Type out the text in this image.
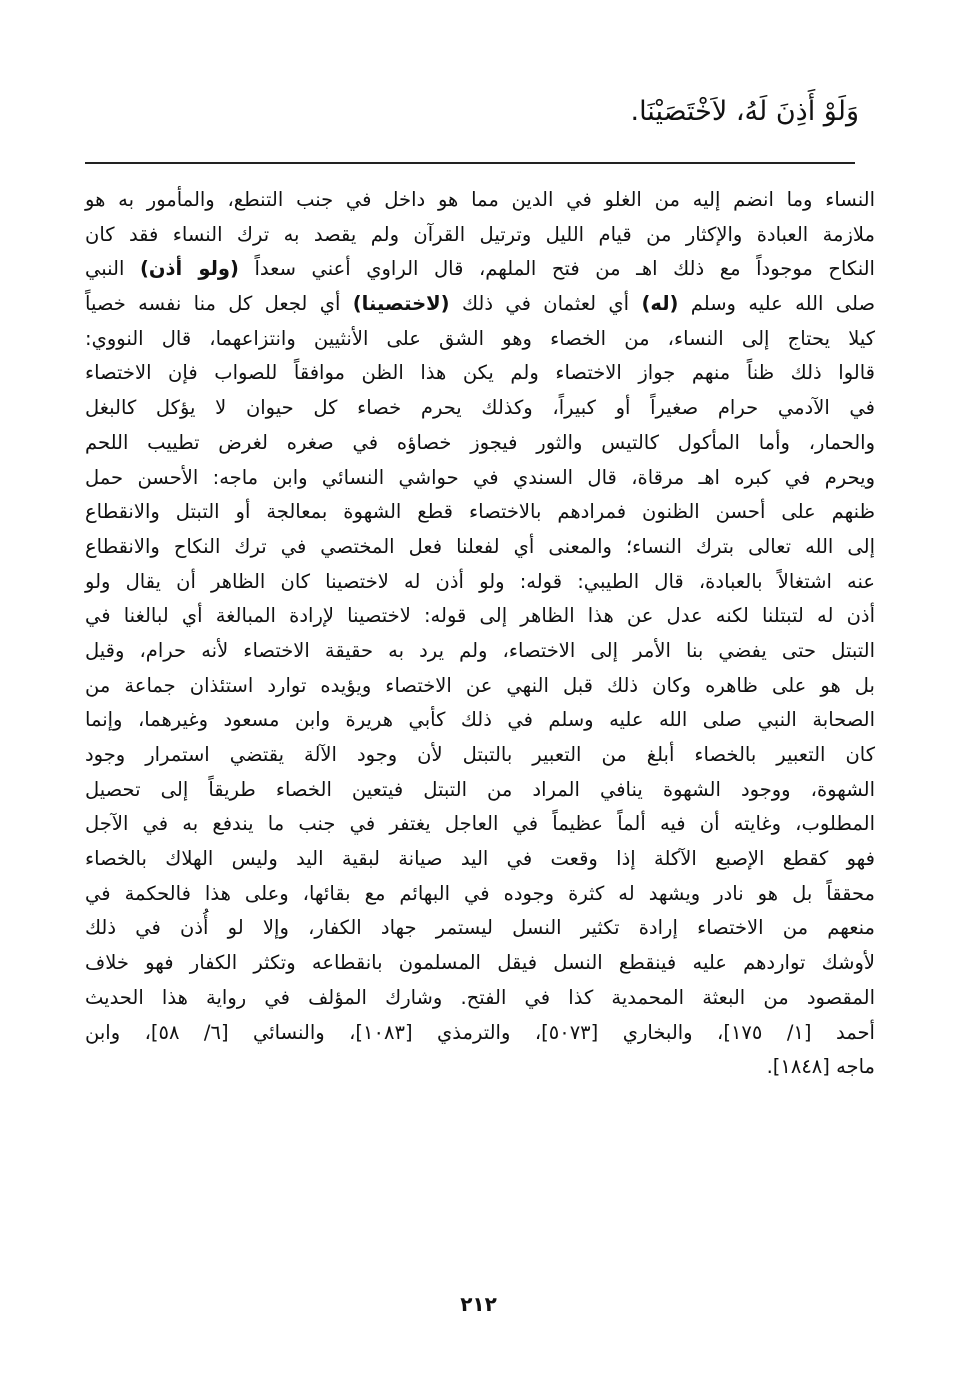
وَلَوْ أَذِنَ لَهُ، لاَخْتَصَيْنَا.
النساء وما انضم إليه من الغلو في الدين مما هو داخل في جنب التنطع، والمأمور به هو
ملازمة العبادة والإكثار من قيام الليل وترتيل القرآن ولم يقصد به ترك النساء فقد كان
النكاح موجوداً مع ذلك اهـ من فتح الملهم، قال الراوي أعني سعداً (ولو أذن) النبي
صلى الله عليه وسلم (له) أي لعثمان في ذلك (لاختصينا) أي لجعل كل منا نفسه خصياً
كيلا يحتاج إلى النساء، من الخصاء وهو الشق على الأنثيين وانتزاعهما، قال النووي:
قالوا ذلك ظناً منهم جواز الاختصاء ولم يكن هذا الظن موافقاً للصواب فإن الاختصاء
في الآدمي حرام صغيراً أو كبيراً، وكذلك يحرم خصاء كل حيوان لا يؤكل كالبغل
والحمار، وأما المأكول كالتيس والثور فيجوز خصاؤه في صغره لغرض تطييب اللحم
ويحرم في كبره اهـ مرقاة، قال السندي في حواشي النسائي وابن ماجه: الأحسن حمل
ظنهم على أحسن الظنون فمرادهم بالاختصاء قطع الشهوة بمعالجة أو التبتل والانقطاع
إلى الله تعالى بترك النساء؛ والمعنى أي لفعلنا فعل المختصي في ترك النكاح والانقطاع
عنه اشتغالاً بالعبادة، قال الطيبي: قوله: ولو أذن له لاختصينا كان الظاهر أن يقال ولو
أذن له لتبتلنا لكنه عدل عن هذا الظاهر إلى قوله: لاختصينا لإرادة المبالغة أي لبالغنا في
التبتل حتى يفضي بنا الأمر إلى الاختصاء، ولم يرد به حقيقة الاختصاء لأنه حرام، وقيل
بل هو على ظاهره وكان ذلك قبل النهي عن الاختصاء ويؤيده توارد استئذان جماعة من
الصحابة النبي صلى الله عليه وسلم في ذلك كأبي هريرة وابن مسعود وغيرهما، وإنما
كان التعبير بالخصاء أبلغ من التعبير بالتبتل لأن وجود الآلة يقتضي استمرار وجود
الشهوة، ووجود الشهوة ينافي المراد من التبتل فيتعين الخصاء طريقاً إلى تحصيل
المطلوب، وغايته أن فيه ألماً عظيماً في العاجل يغتفر في جنب ما يندفع به في الآجل
فهو كقطع الإصبع الآكلة إذا وقعت في اليد صيانة لبقية اليد وليس الهلاك بالخصاء
محققاً بل هو نادر ويشهد له كثرة وجوده في البهائم مع بقائها، وعلى هذا فالحكمة في
منعهم من الاختصاء إرادة تكثير النسل ليستمر جهاد الكفار، وإلا لو أُذن في ذلك
لأوشك تواردهم عليه فينقطع النسل فيقل المسلمون بانقطاعه وتكثر الكفار فهو خلاف
المقصود من البعثة المحمدية كذا في الفتح. وشارك المؤلف في رواية هذا الحديث
أحمد [١/ ١٧٥]، والبخاري [٥٠٧٣]، والترمذي [١٠٨٣]، والنسائي [٦/ ٥٨]، وابن
ماجه [١٨٤٨].
٢١٢
